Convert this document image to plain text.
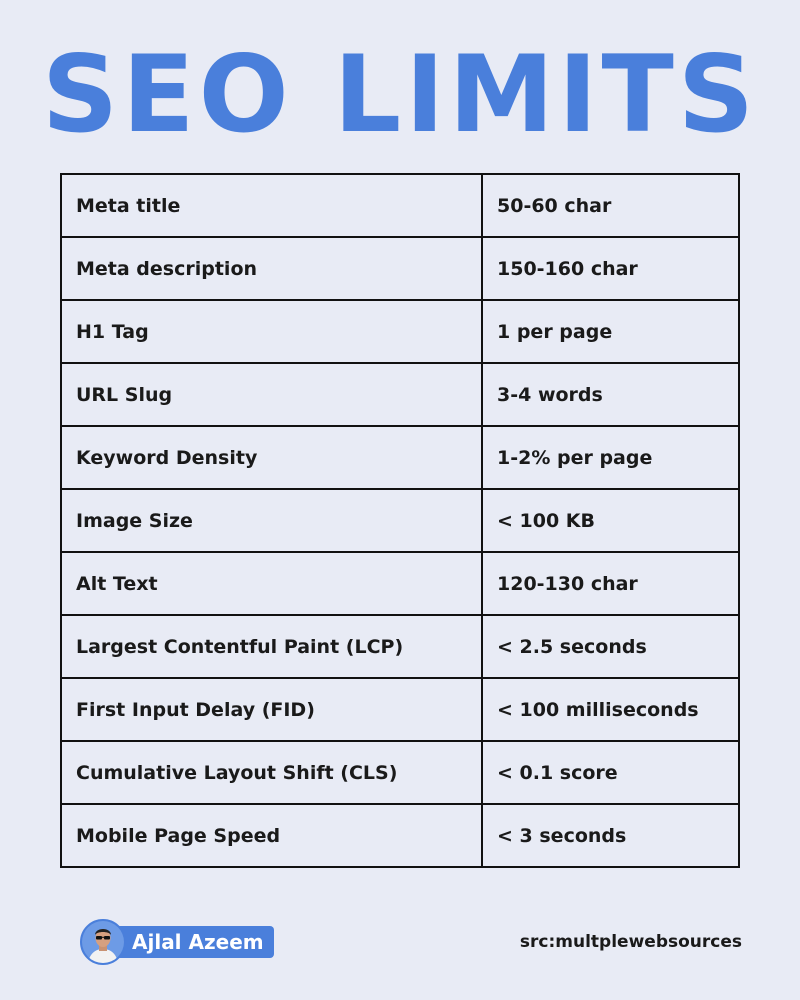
SEO LIMITS
Meta title	50-60 char
Meta description	150-160 char
H1 Tag	1 per page
URL Slug	3-4 words
Keyword Density	1-2% per page
Image Size	< 100 KB
Alt Text	120-130 char
Largest Contentful Paint (LCP)	< 2.5 seconds
First Input Delay (FID)	< 100 milliseconds
Cumulative Layout Shift (CLS)	< 0.1 score
Mobile Page Speed	< 3 seconds
Ajlal Azeem	src:multplewebsources
